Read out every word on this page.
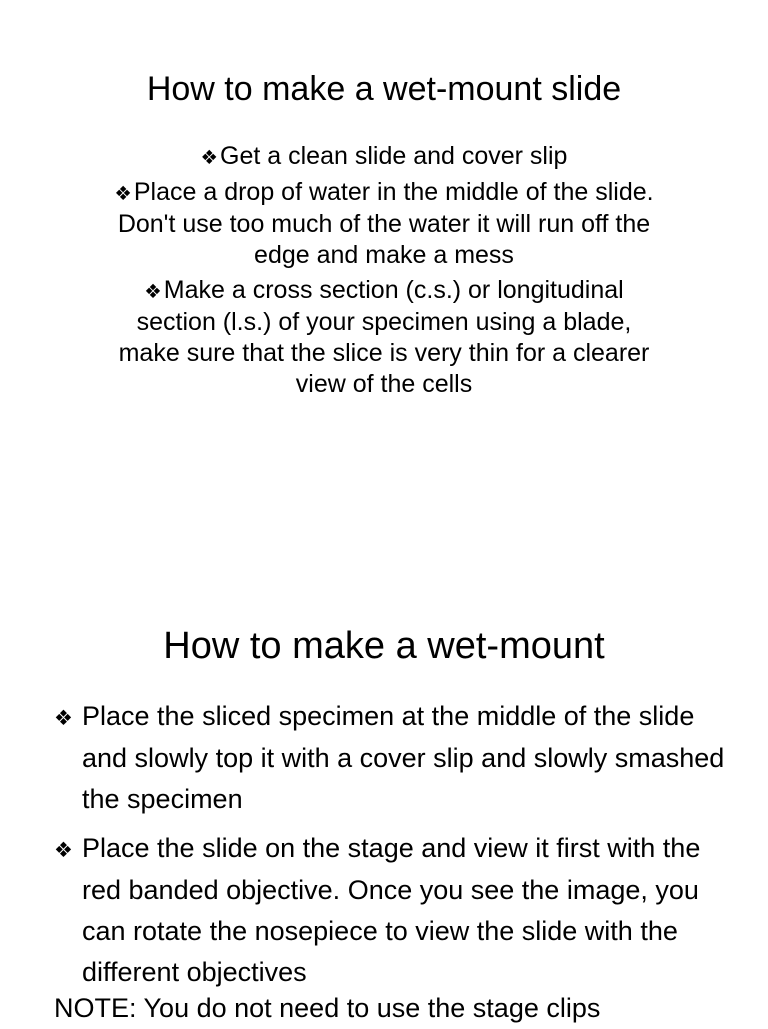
How to make a wet-mount slide
❖Get a clean slide and cover slip
❖Place a drop of water in the middle of the slide. Don't use too much of the water it will run off the edge and make a mess
❖Make a cross section (c.s.) or longitudinal section (l.s.) of your specimen using a blade, make sure that the slice is very thin for a clearer view of the cells
How to make a wet-mount
❖ Place the sliced specimen at the middle of the slide and slowly top it with a cover slip and slowly smashed the specimen
❖ Place the slide on the stage and view it first with the red banded objective. Once you see the image, you can rotate the nosepiece to view the slide with the different objectives

NOTE: You do not need to use the stage clips
